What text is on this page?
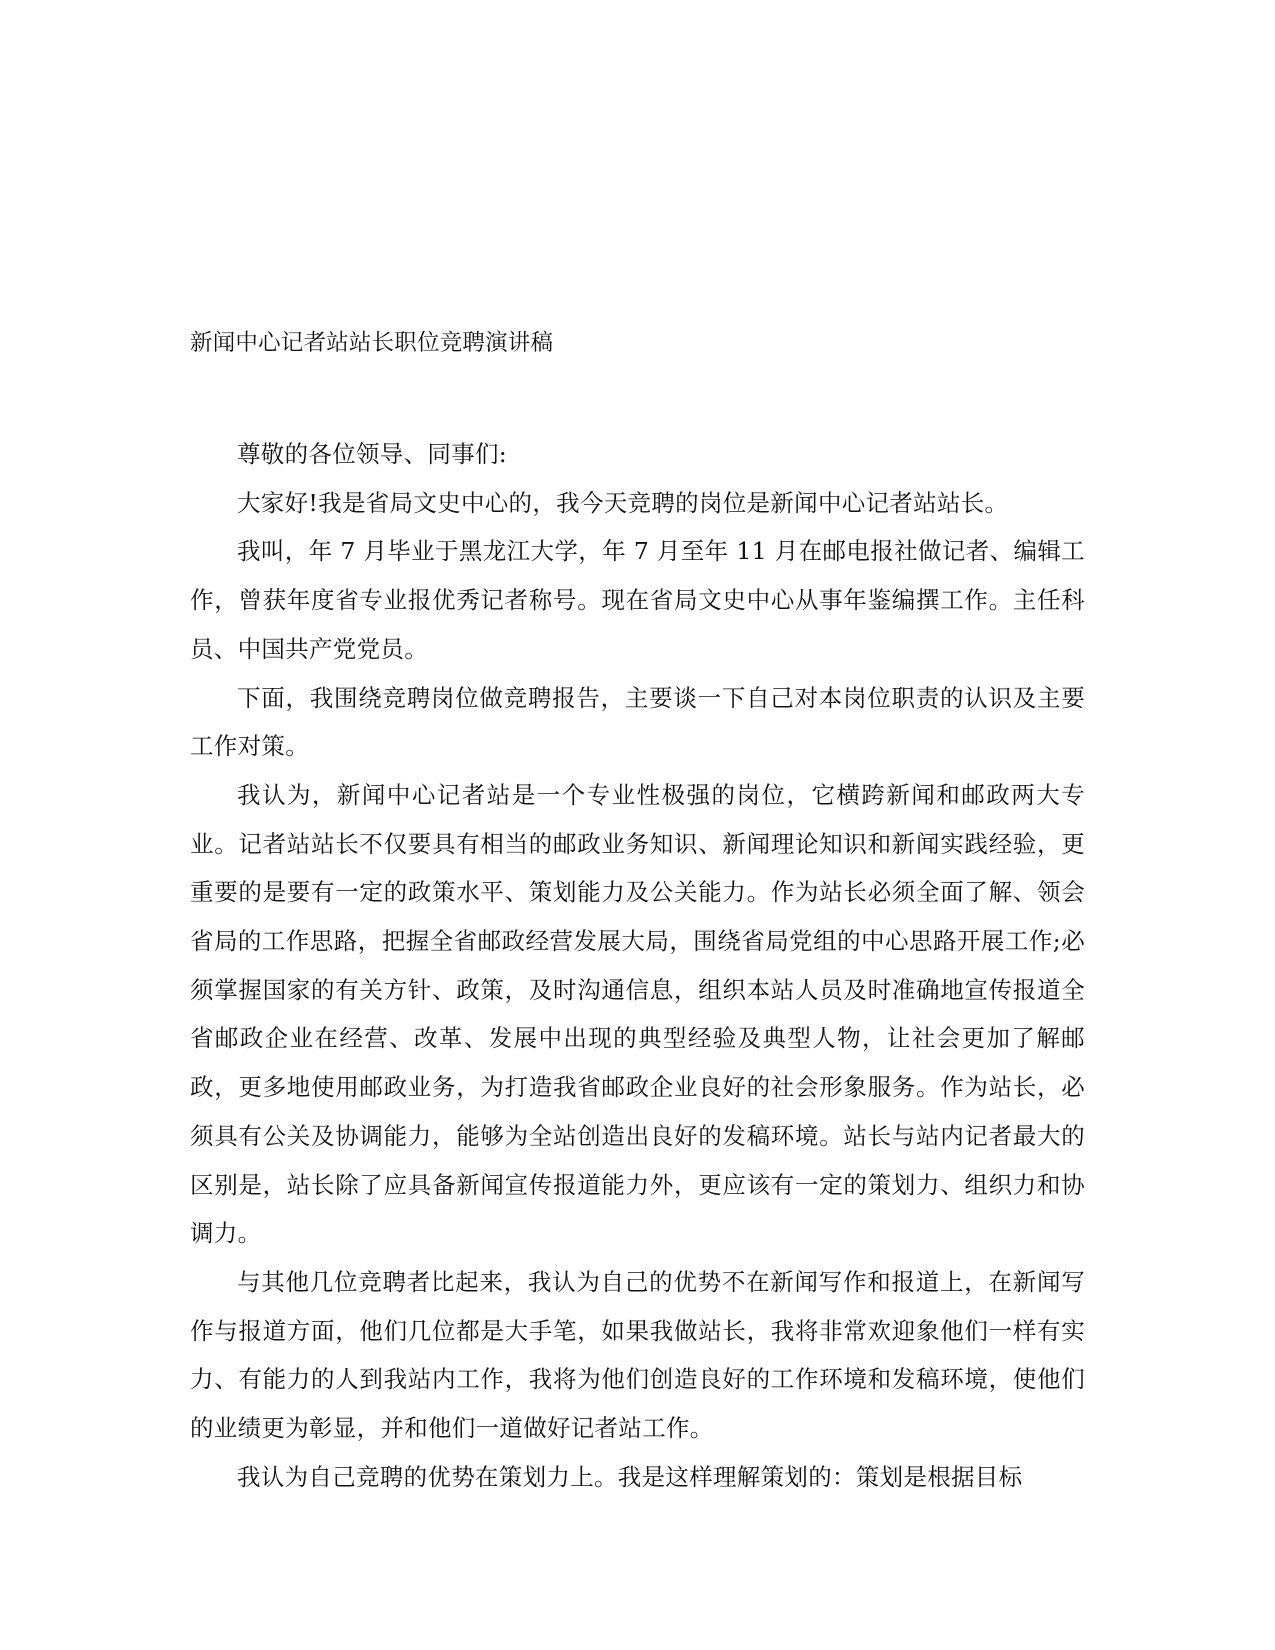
新闻中心记者站站长职位竞聘演讲稿

尊敬的各位领导、同事们:

大家好!我是省局文史中心的，我今天竞聘的岗位是新闻中心记者站站长。

我叫，年 7 月毕业于黑龙江大学，年 7 月至年 11 月在邮电报社做记者、编辑工作，曾获年度省专业报优秀记者称号。现在省局文史中心从事年鉴编撰工作。主任科员、中国共产党党员。

下面，我围绕竞聘岗位做竞聘报告，主要谈一下自己对本岗位职责的认识及主要工作对策。

我认为，新闻中心记者站是一个专业性极强的岗位，它横跨新闻和邮政两大专业。记者站站长不仅要具有相当的邮政业务知识、新闻理论知识和新闻实践经验，更重要的是要有一定的政策水平、策划能力及公关能力。作为站长必须全面了解、领会省局的工作思路，把握全省邮政经营发展大局，围绕省局党组的中心思路开展工作;必须掌握国家的有关方针、政策，及时沟通信息，组织本站人员及时准确地宣传报道全省邮政企业在经营、改革、发展中出现的典型经验及典型人物，让社会更加了解邮政，更多地使用邮政业务，为打造我省邮政企业良好的社会形象服务。作为站长，必须具有公关及协调能力，能够为全站创造出良好的发稿环境。站长与站内记者最大的区别是，站长除了应具备新闻宣传报道能力外，更应该有一定的策划力、组织力和协调力。

与其他几位竞聘者比起来，我认为自己的优势不在新闻写作和报道上，在新闻写作与报道方面，他们几位都是大手笔，如果我做站长，我将非常欢迎象他们一样有实力、有能力的人到我站内工作，我将为他们创造良好的工作环境和发稿环境，使他们的业绩更为彰显，并和他们一道做好记者站工作。

我认为自己竞聘的优势在策划力上。我是这样理解策划的：策划是根据目标
